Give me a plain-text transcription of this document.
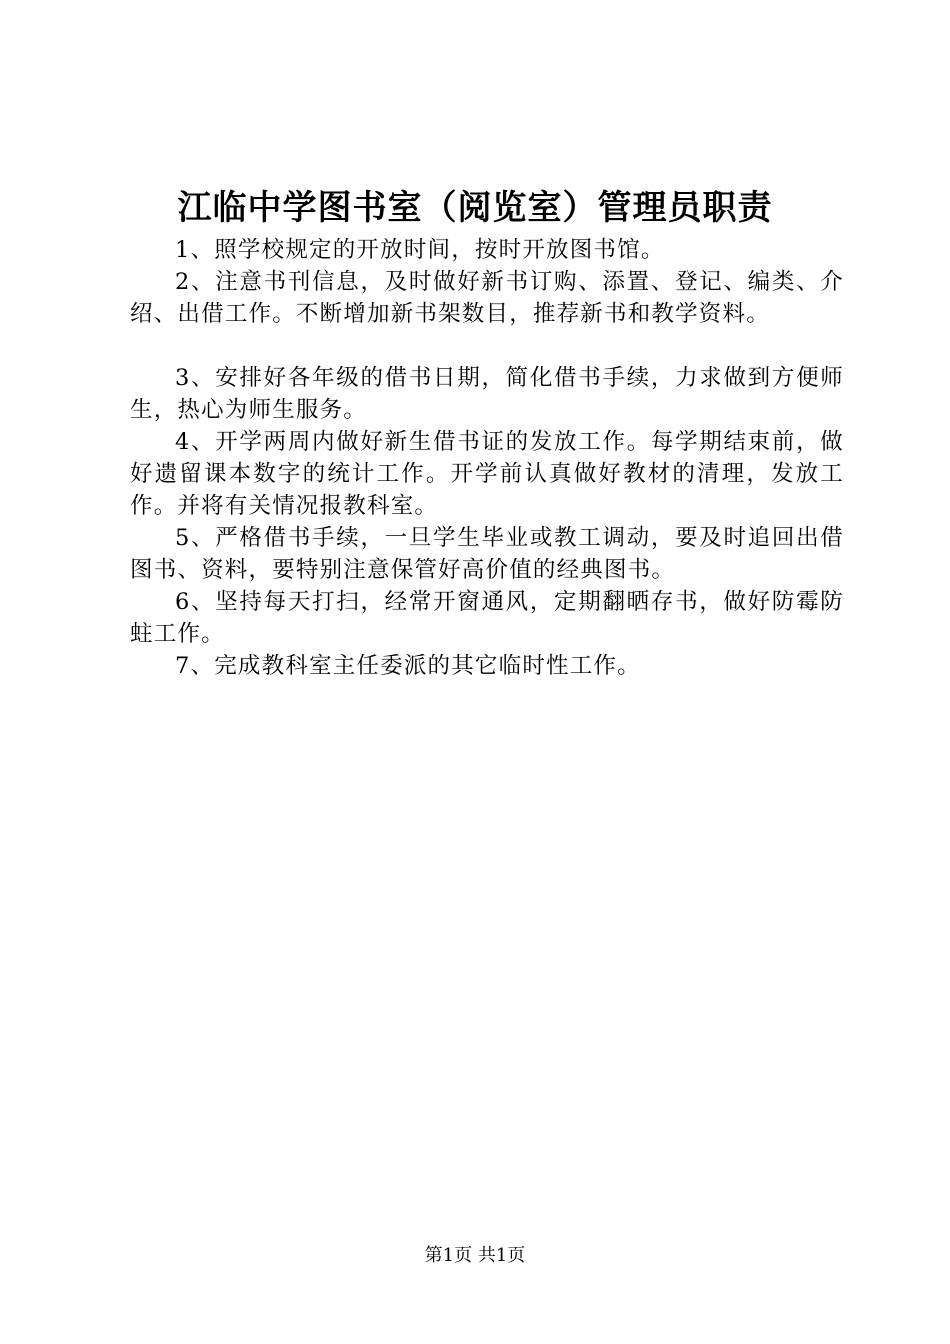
江临中学图书室（阅览室）管理员职责

1、照学校规定的开放时间，按时开放图书馆。

2、注意书刊信息，及时做好新书订购、添置、登记、编类、介绍、出借工作。不断增加新书架数目，推荐新书和教学资料。

3、安排好各年级的借书日期，简化借书手续，力求做到方便师生，热心为师生服务。

4、开学两周内做好新生借书证的发放工作。每学期结束前，做好遗留课本数字的统计工作。开学前认真做好教材的清理，发放工作。并将有关情况报教科室。

5、严格借书手续，一旦学生毕业或教工调动，要及时追回出借图书、资料，要特别注意保管好高价值的经典图书。

6、坚持每天打扫，经常开窗通风，定期翻晒存书，做好防霉防蛀工作。

7、完成教科室主任委派的其它临时性工作。

第1页 共1页
